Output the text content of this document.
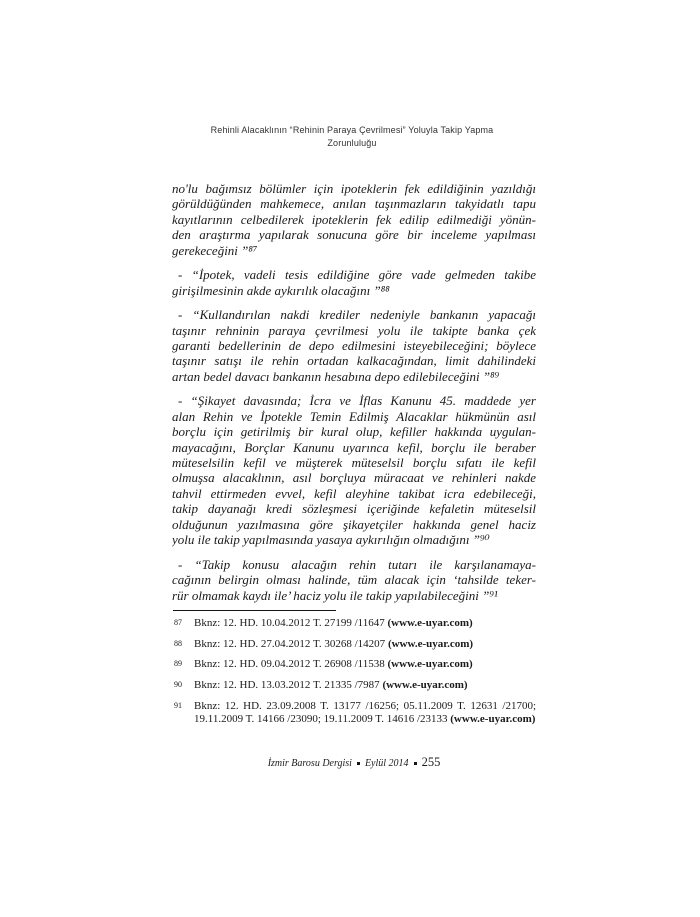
Rehinli Alacaklının “Rehinin Paraya Çevrilmesi” Yoluyla Takip Yapma
Zorunluluğu
no'lu bağımsız bölümler için ipoteklerin fek edildiğinin yazıldığı
görüldüğünden mahkemece, anılan taşınmazların takyidatlı tapu
kayıtlarının celbedilerek ipoteklerin fek edilip edilmediği yönün-
den araştırma yapılarak sonucuna göre bir inceleme yapılması
gerekeceğini ”⁸⁷
- “İpotek, vadeli tesis edildiğine göre vade gelmeden takibe
girişilmesinin akde aykırılık olacağını ”⁸⁸
- “Kullandırılan nakdi krediler nedeniyle bankanın yapacağı
taşınır rehninin paraya çevrilmesi yolu ile takipte banka çek
garanti bedellerinin de depo edilmesini isteyebileceğini; böylece
taşınır satışı ile rehin ortadan kalkacağından, limit dahilindeki
artan bedel davacı bankanın hesabına depo edilebileceğini ”⁸⁹
- “Şikayet davasında; İcra ve İflas Kanunu 45. maddede yer
alan Rehin ve İpotekle Temin Edilmiş Alacaklar hükmünün asıl
borçlu için getirilmiş bir kural olup, kefiller hakkında uygulan-
mayacağını, Borçlar Kanunu uyarınca kefil, borçlu ile beraber
müteselsilin kefil ve müşterek müteselsil borçlu sıfatı ile kefil
olmuşsa alacaklının, asıl borçluya müracaat ve rehinleri nakde
tahvil ettirmeden evvel, kefil aleyhine takibat icra edebileceği,
takip dayanağı kredi sözleşmesi içeriğinde kefaletin müteselsil
olduğunun yazılmasına göre şikayetçiler hakkında genel haciz
yolu ile takip yapılmasında yasaya aykırılığın olmadığını ”⁹⁰
- “Takip konusu alacağın rehin tutarı ile karşılanamaya-
cağının belirgin olması halinde, tüm alacak için ‘tahsilde teker-
rür olmamak kaydı ile’ haciz yolu ile takip yapılabileceğini ”⁹¹
87 Bknz: 12. HD. 10.04.2012 T. 27199 /11647 (www.e-uyar.com)
88 Bknz: 12. HD. 27.04.2012 T. 30268 /14207 (www.e-uyar.com)
89 Bknz: 12. HD. 09.04.2012 T. 26908 /11538 (www.e-uyar.com)
90 Bknz: 12. HD. 13.03.2012 T. 21335 /7987 (www.e-uyar.com)
91 Bknz: 12. HD. 23.09.2008 T. 13177 /16256; 05.11.2009 T. 12631 /21700; 19.11.2009 T. 14166 /23090; 19.11.2009 T. 14616 /23133 (www.e-uyar.com)
İzmir Barosu Dergisi Eylül 2014 255
